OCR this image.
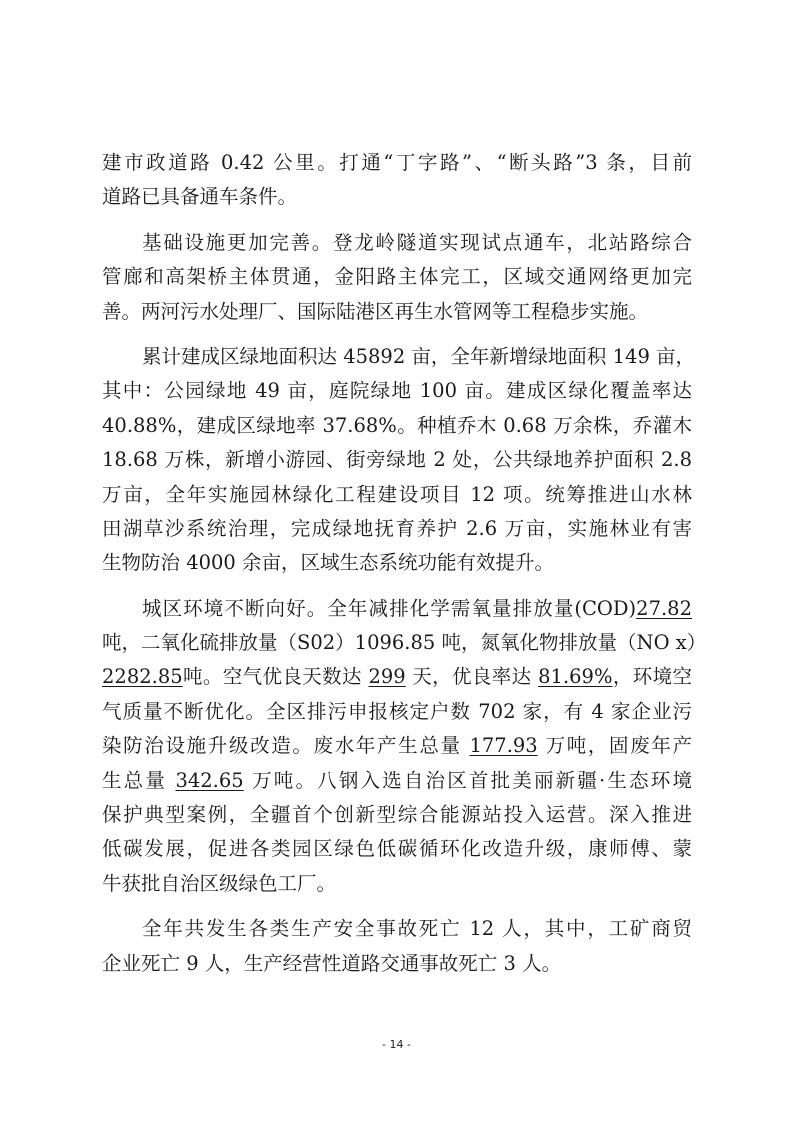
建市政道路 0.42 公里。打通“丁字路”、“断头路”3 条，目前
道路已具备通车条件。
基础设施更加完善。登龙岭隧道实现试点通车，北站路综合
管廊和高架桥主体贯通，金阳路主体完工，区域交通网络更加完
善。两河污水处理厂、国际陆港区再生水管网等工程稳步实施。
累计建成区绿地面积达 45892 亩，全年新增绿地面积 149 亩，
其中：公园绿地 49 亩，庭院绿地 100 亩。建成区绿化覆盖率达
40.88%，建成区绿地率 37.68%。种植乔木 0.68 万余株，乔灌木
18.68 万株，新增小游园、街旁绿地 2 处，公共绿地养护面积 2.8
万亩，全年实施园林绿化工程建设项目 12 项。统筹推进山水林
田湖草沙系统治理，完成绿地抚育养护 2.6 万亩，实施林业有害
生物防治 4000 余亩，区域生态系统功能有效提升。
城区环境不断向好。全年减排化学需氧量排放量(COD)27.82
吨，二氧化硫排放量（S02）1096.85 吨，氮氧化物排放量（NO x）
2282.85吨。空气优良天数达 299 天，优良率达 81.69%，环境空
气质量不断优化。全区排污申报核定户数 702 家，有 4 家企业污
染防治设施升级改造。废水年产生总量 177.93 万吨，固废年产
生总量 342.65 万吨。八钢入选自治区首批美丽新疆·生态环境
保护典型案例，全疆首个创新型综合能源站投入运营。深入推进
低碳发展，促进各类园区绿色低碳循环化改造升级，康师傅、蒙
牛获批自治区级绿色工厂。
全年共发生各类生产安全事故死亡 12 人，其中，工矿商贸
企业死亡 9 人，生产经营性道路交通事故死亡 3 人。
- 14 -
